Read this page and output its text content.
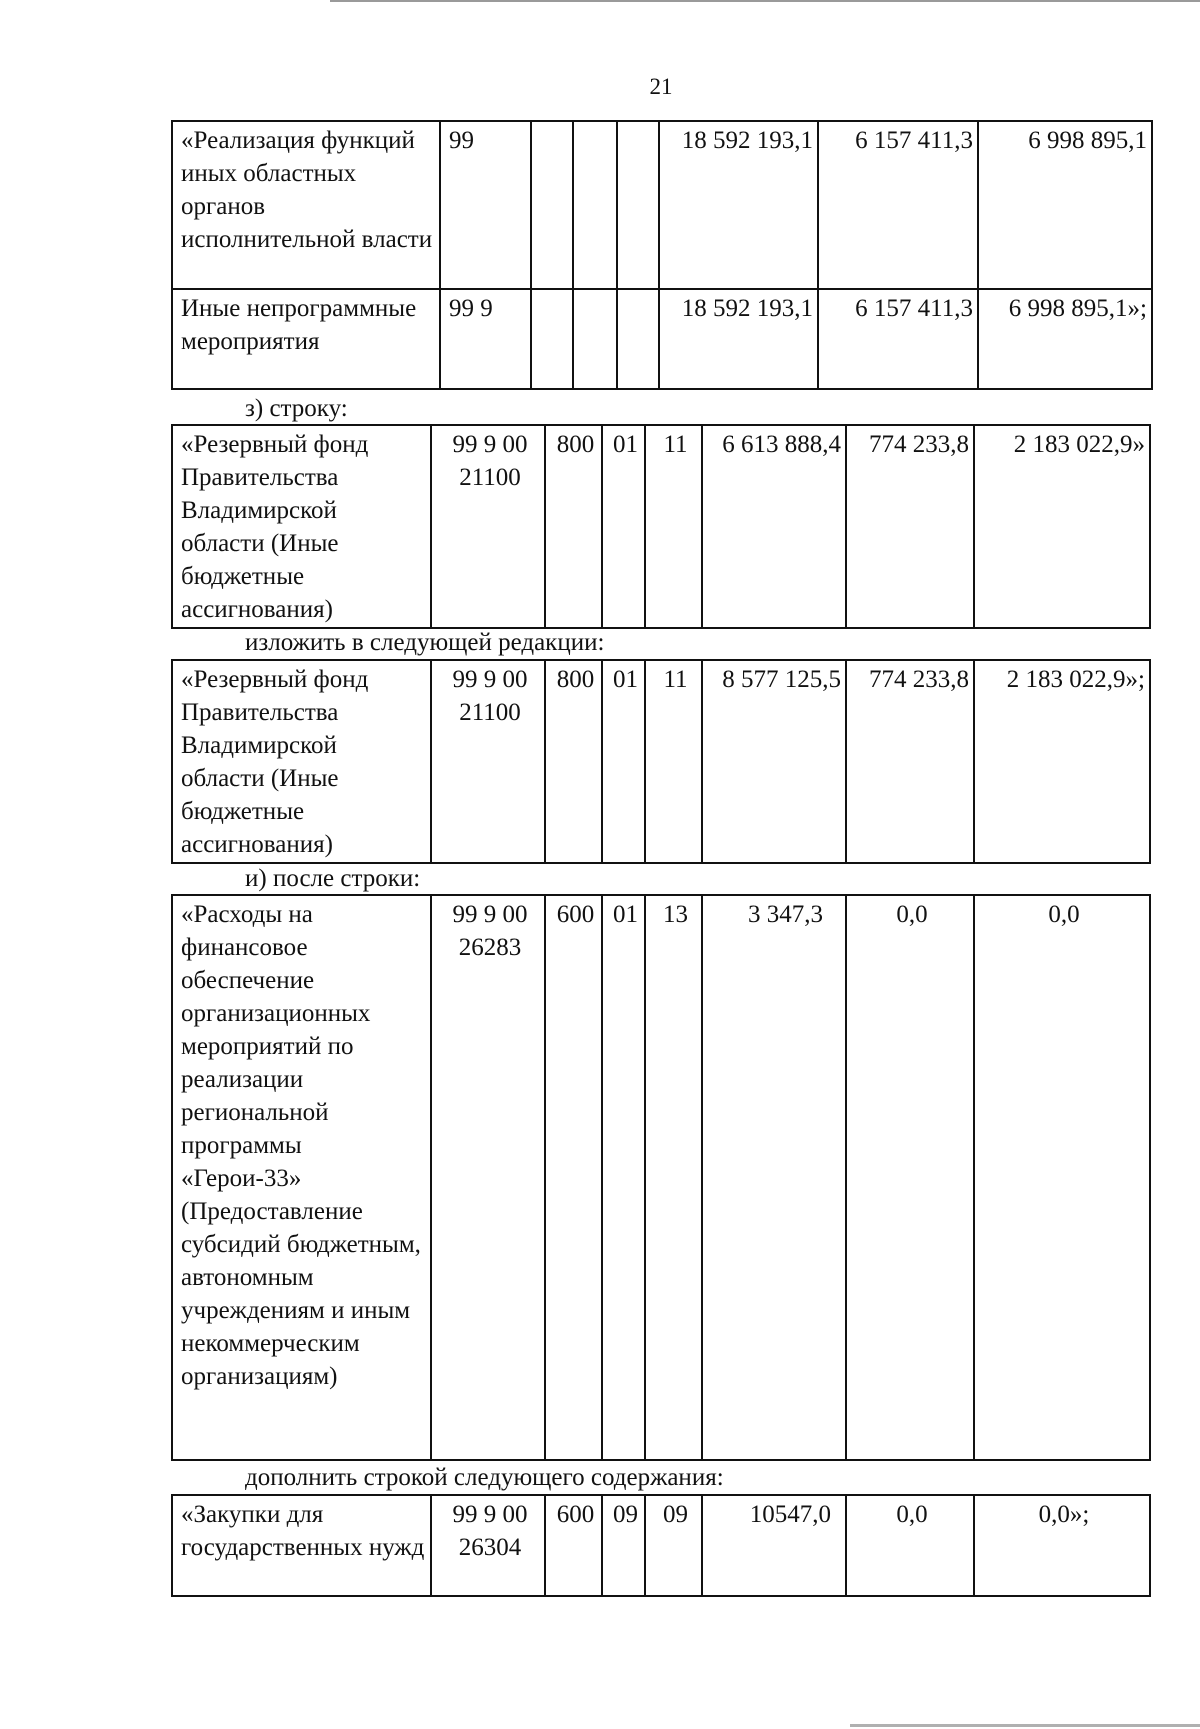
21
«Реализация функций иных областных органов исполнительной власти	99				18 592 193,1	6 157 411,3	6 998 895,1
Иные непрограммные мероприятия	99 9				18 592 193,1	6 157 411,3	6 998 895,1»;
з) строку:
«Резервный фонд Правительства Владимирской области (Иные бюджетные ассигнования)	99 9 00 21100	800	01	11	6 613 888,4	774 233,8	2 183 022,9»
изложить в следующей редакции:
«Резервный фонд Правительства Владимирской области (Иные бюджетные ассигнования)	99 9 00 21100	800	01	11	8 577 125,5	774 233,8	2 183 022,9»;
и) после строки:
«Расходы на финансовое обеспечение организационных мероприятий по реализации региональной программы «Герои-33» (Предоставление субсидий бюджетным, автономным учреждениям и иным некоммерческим организациям)	99 9 00 26283	600	01	13	3 347,3	0,0	0,0
дополнить строкой следующего содержания:
«Закупки для государственных нужд	99 9 00 26304	600	09	09	10547,0	0,0	0,0»;
